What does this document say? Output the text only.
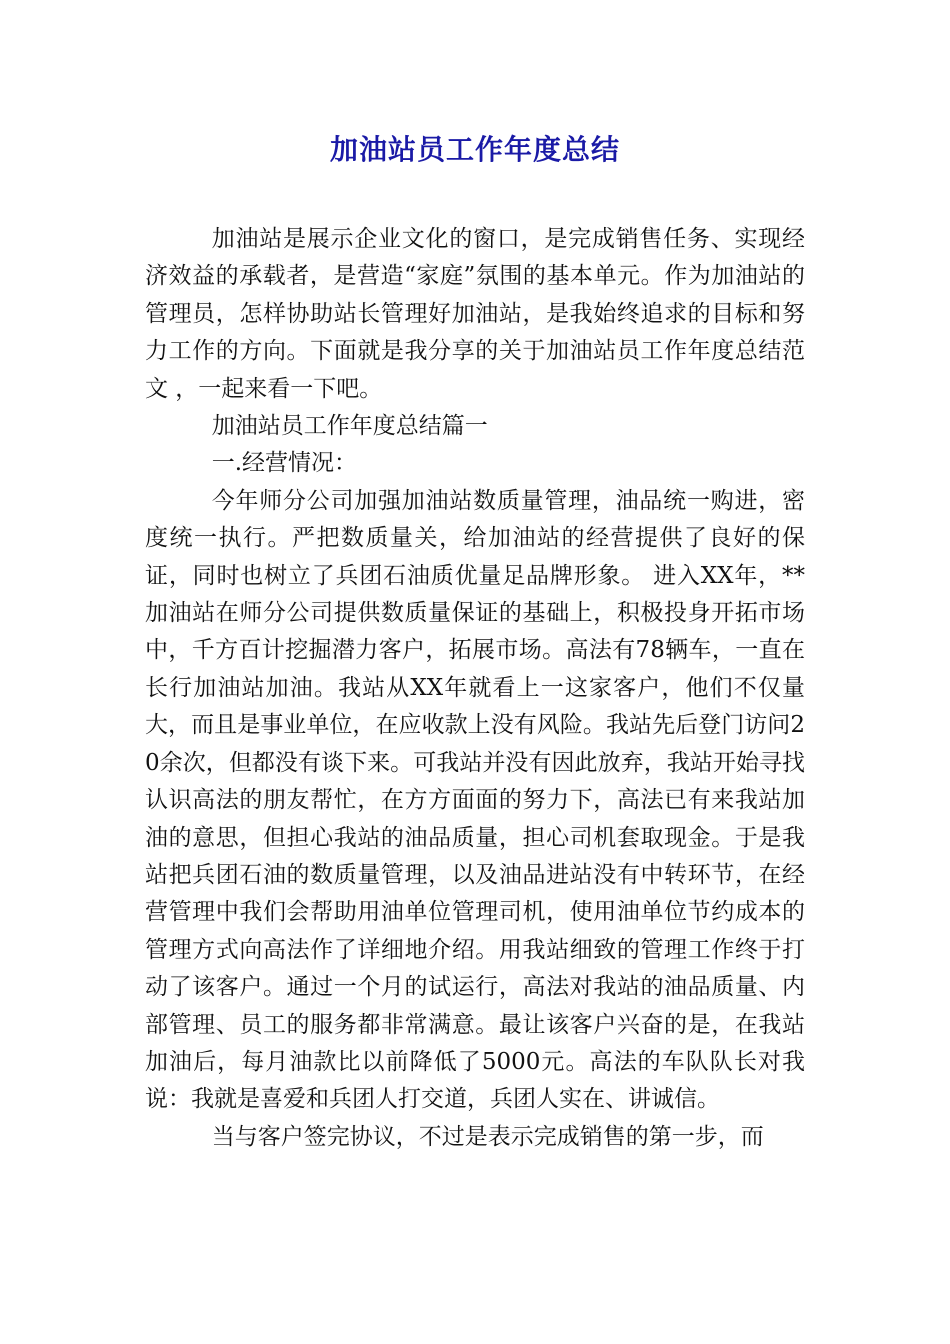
加油站员工作年度总结

加油站是展示企业文化的窗口，是完成销售任务、实现经济效益的承载者，是营造“家庭”氛围的基本单元。作为加油站的管理员，怎样协助站长管理好加油站，是我始终追求的目标和努力工作的方向。下面就是我分享的关于加油站员工作年度总结范文 ，一起来看一下吧。

加油站员工作年度总结篇一

一.经营情况：

今年师分公司加强加油站数质量管理，油品统一购进，密度统一执行。严把数质量关，给加油站的经营提供了良好的保证，同时也树立了兵团石油质优量足品牌形象。 进入XX年，**加油站在师分公司提供数质量保证的基础上，积极投身开拓市场中，千方百计挖掘潜力客户，拓展市场。高法有78辆车，一直在长行加油站加油。我站从XX年就看上一这家客户，他们不仅量大，而且是事业单位，在应收款上没有风险。我站先后登门访问20余次，但都没有谈下来。可我站并没有因此放弃，我站开始寻找认识高法的朋友帮忙，在方方面面的努力下，高法已有来我站加油的意思，但担心我站的油品质量，担心司机套取现金。于是我站把兵团石油的数质量管理，以及油品进站没有中转环节，在经营管理中我们会帮助用油单位管理司机，使用油单位节约成本的管理方式向高法作了详细地介绍。用我站细致的管理工作终于打动了该客户。通过一个月的试运行，高法对我站的油品质量、内部管理、员工的服务都非常满意。最让该客户兴奋的是，在我站加油后，每月油款比以前降低了5000元。高法的车队队长对我说：我就是喜爱和兵团人打交道，兵团人实在、讲诚信。

当与客户签完协议，不过是表示完成销售的第一步，而
